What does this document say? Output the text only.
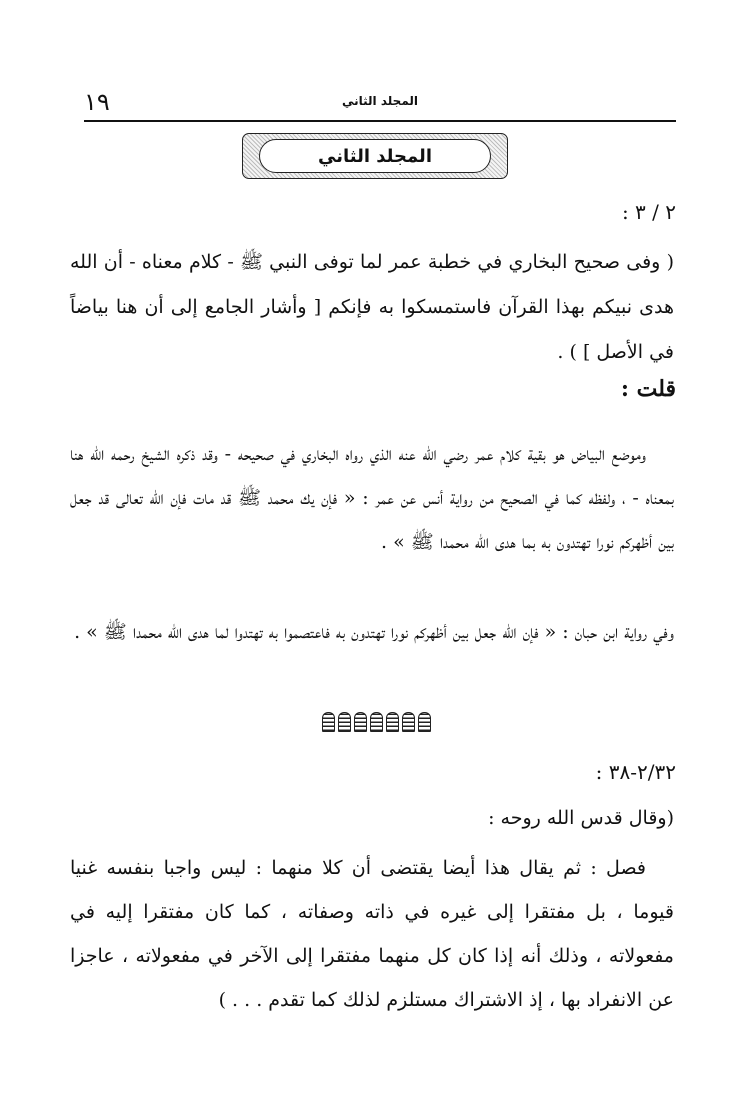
١٩	المجلد الثاني
المجلد الثاني
٢ / ٣ :

( وفى صحيح البخاري في خطبة عمر لما توفى النبي ﷺ - كلام معناه - أن الله هدى نبيكم بهذا القرآن فاستمسكوا به فإنكم [ وأشار الجامع إلى أن هنا بياضاً في الأصل ] ) .

قلت :

وموضع البياض هو بقية كلام عمر رضي الله عنه الذي رواه البخاري في صحيحه - وقد ذكره الشيخ رحمه الله هنا بمعناه - ، ولفظه كما في الصحيح من رواية أنس عن عمر : « فإن يك محمد ﷺ قد مات فإن الله تعالى قد جعل بين أظهركم نورا تهتدون به بما هدى الله محمدا ﷺ » .

وفي رواية ابن حبان : « فإن الله جعل بين أظهركم نورا تهتدون به فاعتصموا به تهتدوا لما هدى الله محمدا ﷺ » .

٢/٣٢-٣٨ :

(وقال قدس الله روحه :

فصل : ثم يقال هذا أيضا يقتضى أن كلا منهما : ليس واجبا بنفسه غنيا قيوما ، بل مفتقرا إلى غيره في ذاته وصفاته ، كما كان مفتقرا إليه في مفعولاته ، وذلك أنه إذا كان كل منهما مفتقرا إلى الآخر في مفعولاته ، عاجزا عن الانفراد بها ، إذ الاشتراك مستلزم لذلك كما تقدم . . . )
